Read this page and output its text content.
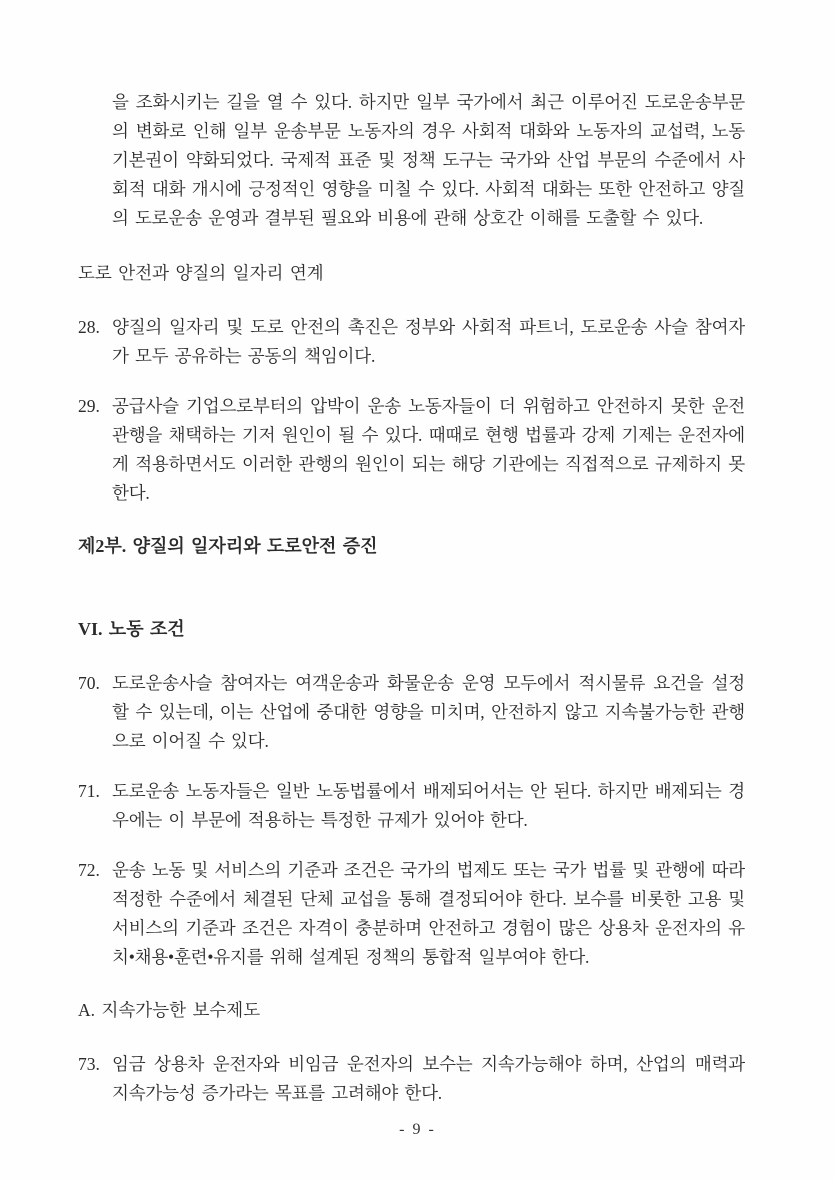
을 조화시키는 길을 열 수 있다. 하지만 일부 국가에서 최근 이루어진 도로운송부문의 변화로 인해 일부 운송부문 노동자의 경우 사회적 대화와 노동자의 교섭력, 노동기본권이 약화되었다. 국제적 표준 및 정책 도구는 국가와 산업 부문의 수준에서 사회적 대화 개시에 긍정적인 영향을 미칠 수 있다. 사회적 대화는 또한 안전하고 양질의 도로운송 운영과 결부된 필요와 비용에 관해 상호간 이해를 도출할 수 있다.

도로 안전과 양질의 일자리 연계

28. 양질의 일자리 및 도로 안전의 촉진은 정부와 사회적 파트너, 도로운송 사슬 참여자가 모두 공유하는 공동의 책임이다.

29. 공급사슬 기업으로부터의 압박이 운송 노동자들이 더 위험하고 안전하지 못한 운전 관행을 채택하는 기저 원인이 될 수 있다. 때때로 현행 법률과 강제 기제는 운전자에게 적용하면서도 이러한 관행의 원인이 되는 해당 기관에는 직접적으로 규제하지 못한다.

제2부. 양질의 일자리와 도로안전 증진

VI. 노동 조건

70. 도로운송사슬 참여자는 여객운송과 화물운송 운영 모두에서 적시물류 요건을 설정할 수 있는데, 이는 산업에 중대한 영향을 미치며, 안전하지 않고 지속불가능한 관행으로 이어질 수 있다.

71. 도로운송 노동자들은 일반 노동법률에서 배제되어서는 안 된다. 하지만 배제되는 경우에는 이 부문에 적용하는 특정한 규제가 있어야 한다.

72. 운송 노동 및 서비스의 기준과 조건은 국가의 법제도 또는 국가 법률 및 관행에 따라 적정한 수준에서 체결된 단체 교섭을 통해 결정되어야 한다. 보수를 비롯한 고용 및 서비스의 기준과 조건은 자격이 충분하며 안전하고 경험이 많은 상용차 운전자의 유치•채용•훈련•유지를 위해 설계된 정책의 통합적 일부여야 한다.

A. 지속가능한 보수제도

73. 임금 상용차 운전자와 비임금 운전자의 보수는 지속가능해야 하며, 산업의 매력과 지속가능성 증가라는 목표를 고려해야 한다.

- 9 -
